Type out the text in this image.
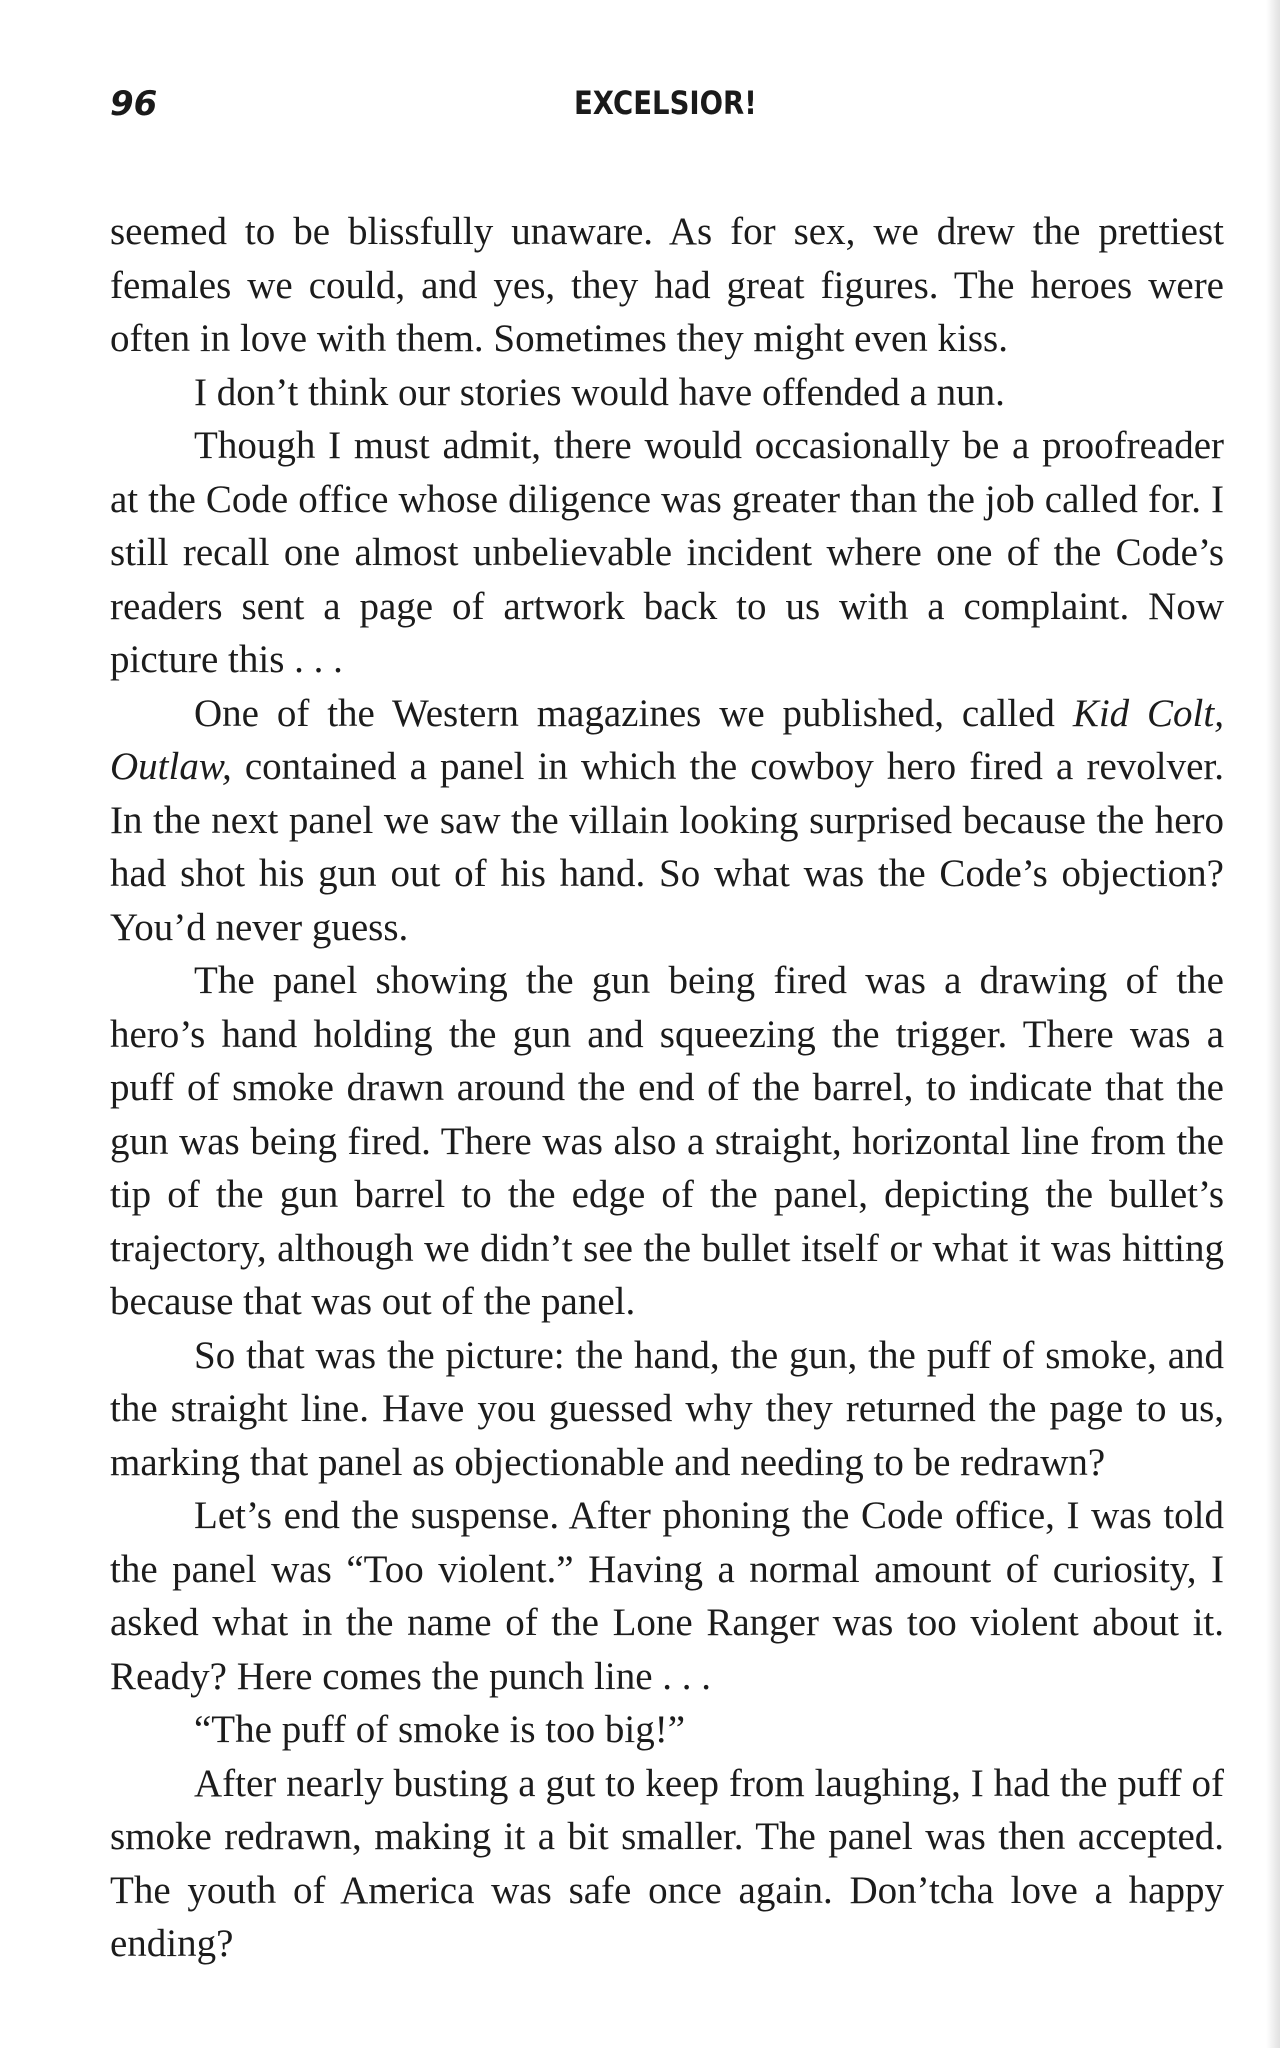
96	EXCELSIOR!

seemed to be blissfully unaware. As for sex, we drew the prettiest females we could, and yes, they had great figures. The heroes were often in love with them. Sometimes they might even kiss.

I don’t think our stories would have offended a nun.

Though I must admit, there would occasionally be a proofreader at the Code office whose diligence was greater than the job called for. I still recall one almost unbelievable incident where one of the Code’s readers sent a page of artwork back to us with a complaint. Now picture this . . .

One of the Western magazines we published, called Kid Colt, Outlaw, contained a panel in which the cowboy hero fired a revolver. In the next panel we saw the villain looking surprised because the hero had shot his gun out of his hand. So what was the Code’s objection? You’d never guess.

The panel showing the gun being fired was a drawing of the hero’s hand holding the gun and squeezing the trigger. There was a puff of smoke drawn around the end of the barrel, to indicate that the gun was being fired. There was also a straight, horizontal line from the tip of the gun barrel to the edge of the panel, depicting the bullet’s trajectory, although we didn’t see the bullet itself or what it was hitting because that was out of the panel.

So that was the picture: the hand, the gun, the puff of smoke, and the straight line. Have you guessed why they returned the page to us, marking that panel as objectionable and needing to be redrawn?

Let’s end the suspense. After phoning the Code office, I was told the panel was “Too violent.” Having a normal amount of curiosity, I asked what in the name of the Lone Ranger was too violent about it. Ready? Here comes the punch line . . .

“The puff of smoke is too big!”

After nearly busting a gut to keep from laughing, I had the puff of smoke redrawn, making it a bit smaller. The panel was then accepted. The youth of America was safe once again. Don’tcha love a happy ending?
